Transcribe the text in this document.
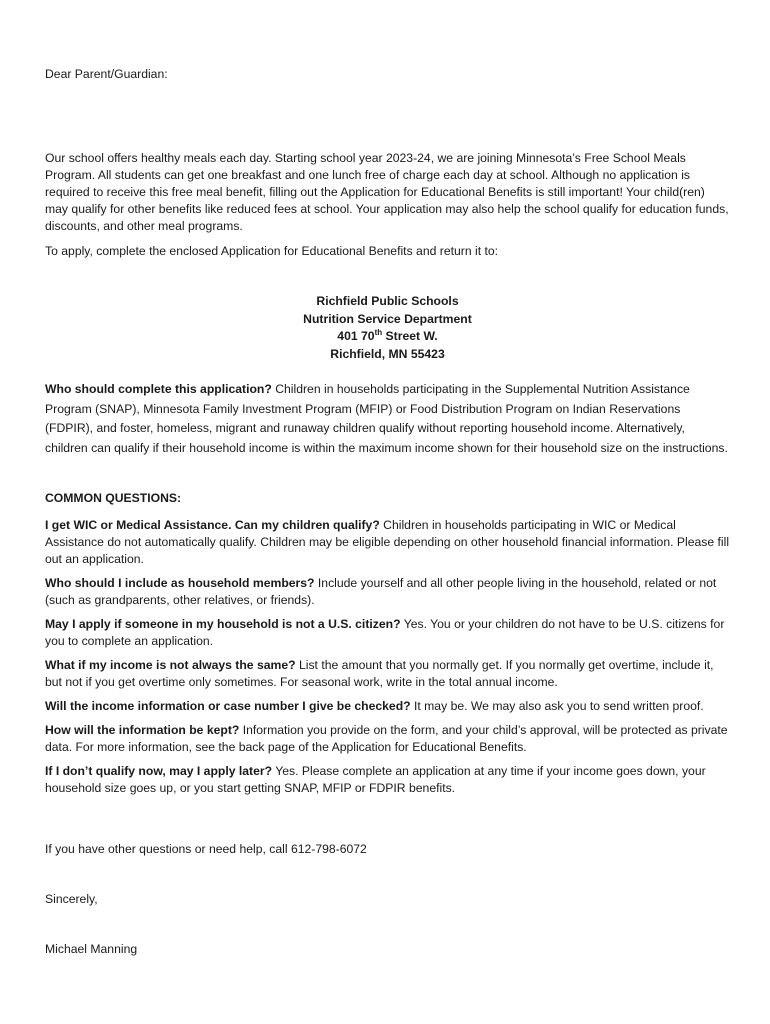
Dear Parent/Guardian:

Our school offers healthy meals each day. Starting school year 2023-24, we are joining Minnesota’s Free School Meals Program. All students can get one breakfast and one lunch free of charge each day at school. Although no application is required to receive this free meal benefit, filling out the Application for Educational Benefits is still important! Your child(ren) may qualify for other benefits like reduced fees at school. Your application may also help the school qualify for education funds, discounts, and other meal programs.

To apply, complete the enclosed Application for Educational Benefits and return it to:

Richfield Public Schools
Nutrition Service Department
401 70th Street W.
Richfield, MN 55423

Who should complete this application? Children in households participating in the Supplemental Nutrition Assistance Program (SNAP), Minnesota Family Investment Program (MFIP) or Food Distribution Program on Indian Reservations (FDPIR), and foster, homeless, migrant and runaway children qualify without reporting household income. Alternatively, children can qualify if their household income is within the maximum income shown for their household size on the instructions.

COMMON QUESTIONS:

I get WIC or Medical Assistance. Can my children qualify? Children in households participating in WIC or Medical Assistance do not automatically qualify. Children may be eligible depending on other household financial information. Please fill out an application.

Who should I include as household members? Include yourself and all other people living in the household, related or not (such as grandparents, other relatives, or friends).

May I apply if someone in my household is not a U.S. citizen? Yes. You or your children do not have to be U.S. citizens for you to complete an application.

What if my income is not always the same? List the amount that you normally get. If you normally get overtime, include it, but not if you get overtime only sometimes. For seasonal work, write in the total annual income.

Will the income information or case number I give be checked? It may be. We may also ask you to send written proof.

How will the information be kept? Information you provide on the form, and your child’s approval, will be protected as private data. For more information, see the back page of the Application for Educational Benefits.

If I don’t qualify now, may I apply later? Yes. Please complete an application at any time if your income goes down, your household size goes up, or you start getting SNAP, MFIP or FDPIR benefits.

If you have other questions or need help, call 612-798-6072

Sincerely,

Michael Manning
